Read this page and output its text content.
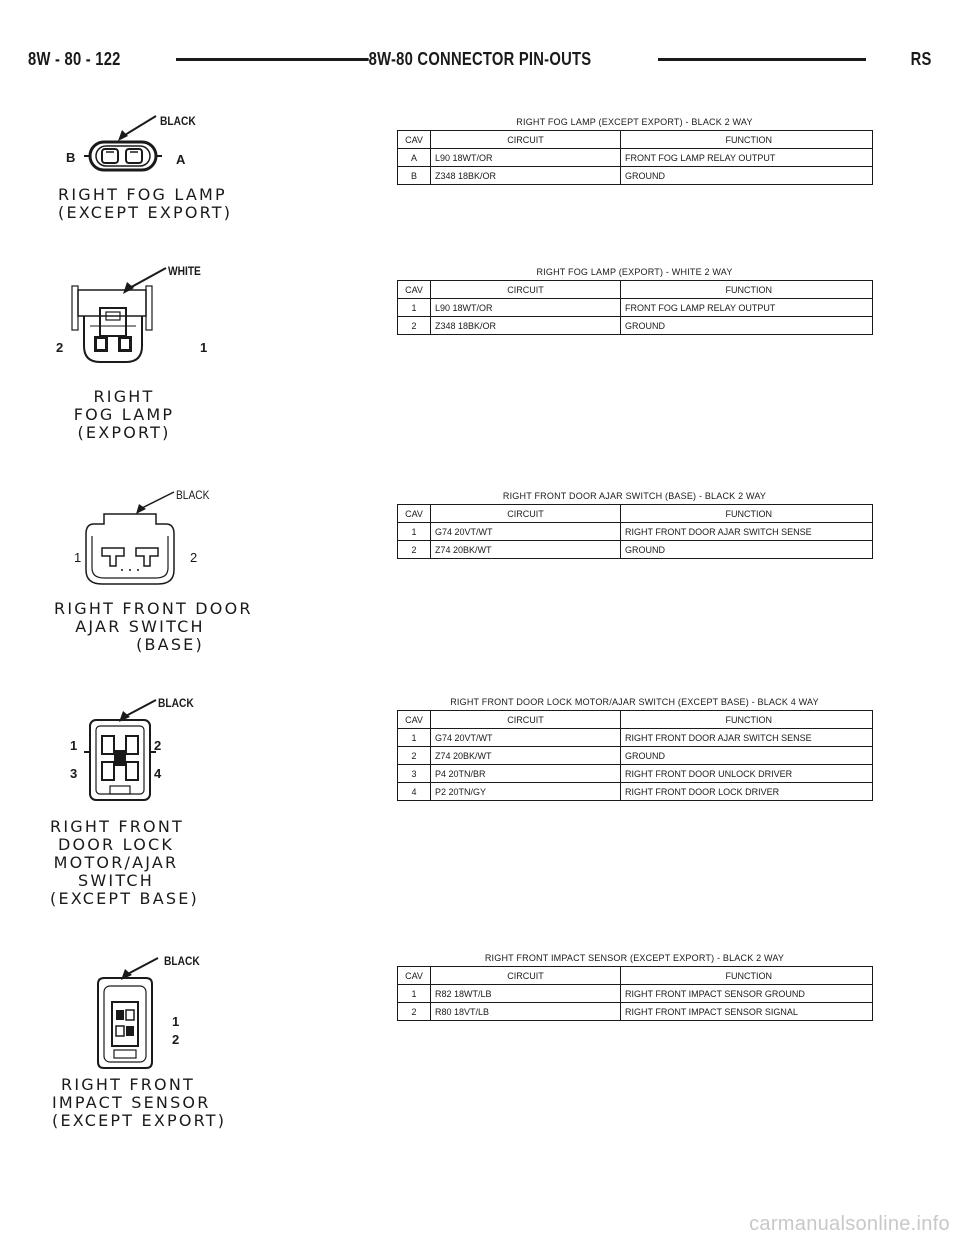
8W - 80 - 122	8W-80 CONNECTOR PIN-OUTS	RS
BLACK
B	A
RIGHT FOG LAMP
(EXCEPT EXPORT)
WHITE
2	1
RIGHT
FOG LAMP
(EXPORT)
BLACK
1	2
RIGHT FRONT DOOR
AJAR SWITCH
(BASE)
BLACK
1	2
3	4
RIGHT FRONT
DOOR LOCK
MOTOR/AJAR
SWITCH
(EXCEPT BASE)
BLACK
1
2
RIGHT FRONT
IMPACT SENSOR
(EXCEPT EXPORT)
RIGHT FOG LAMP (EXCEPT EXPORT) - BLACK 2 WAY
CAV	CIRCUIT	FUNCTION
A	L90 18WT/OR	FRONT FOG LAMP RELAY OUTPUT
B	Z348 18BK/OR	GROUND
RIGHT FOG LAMP (EXPORT) - WHITE 2 WAY
CAV	CIRCUIT	FUNCTION
1	L90 18WT/OR	FRONT FOG LAMP RELAY OUTPUT
2	Z348 18BK/OR	GROUND
RIGHT FRONT DOOR AJAR SWITCH (BASE) - BLACK 2 WAY
CAV	CIRCUIT	FUNCTION
1	G74 20VT/WT	RIGHT FRONT DOOR AJAR SWITCH SENSE
2	Z74 20BK/WT	GROUND
RIGHT FRONT DOOR LOCK MOTOR/AJAR SWITCH (EXCEPT BASE) - BLACK 4 WAY
CAV	CIRCUIT	FUNCTION
1	G74 20VT/WT	RIGHT FRONT DOOR AJAR SWITCH SENSE
2	Z74 20BK/WT	GROUND
3	P4 20TN/BR	RIGHT FRONT DOOR UNLOCK DRIVER
4	P2 20TN/GY	RIGHT FRONT DOOR LOCK DRIVER
RIGHT FRONT IMPACT SENSOR (EXCEPT EXPORT) - BLACK 2 WAY
CAV	CIRCUIT	FUNCTION
1	R82 18WT/LB	RIGHT FRONT IMPACT SENSOR GROUND
2	R80 18VT/LB	RIGHT FRONT IMPACT SENSOR SIGNAL
carmanualsonline.info
